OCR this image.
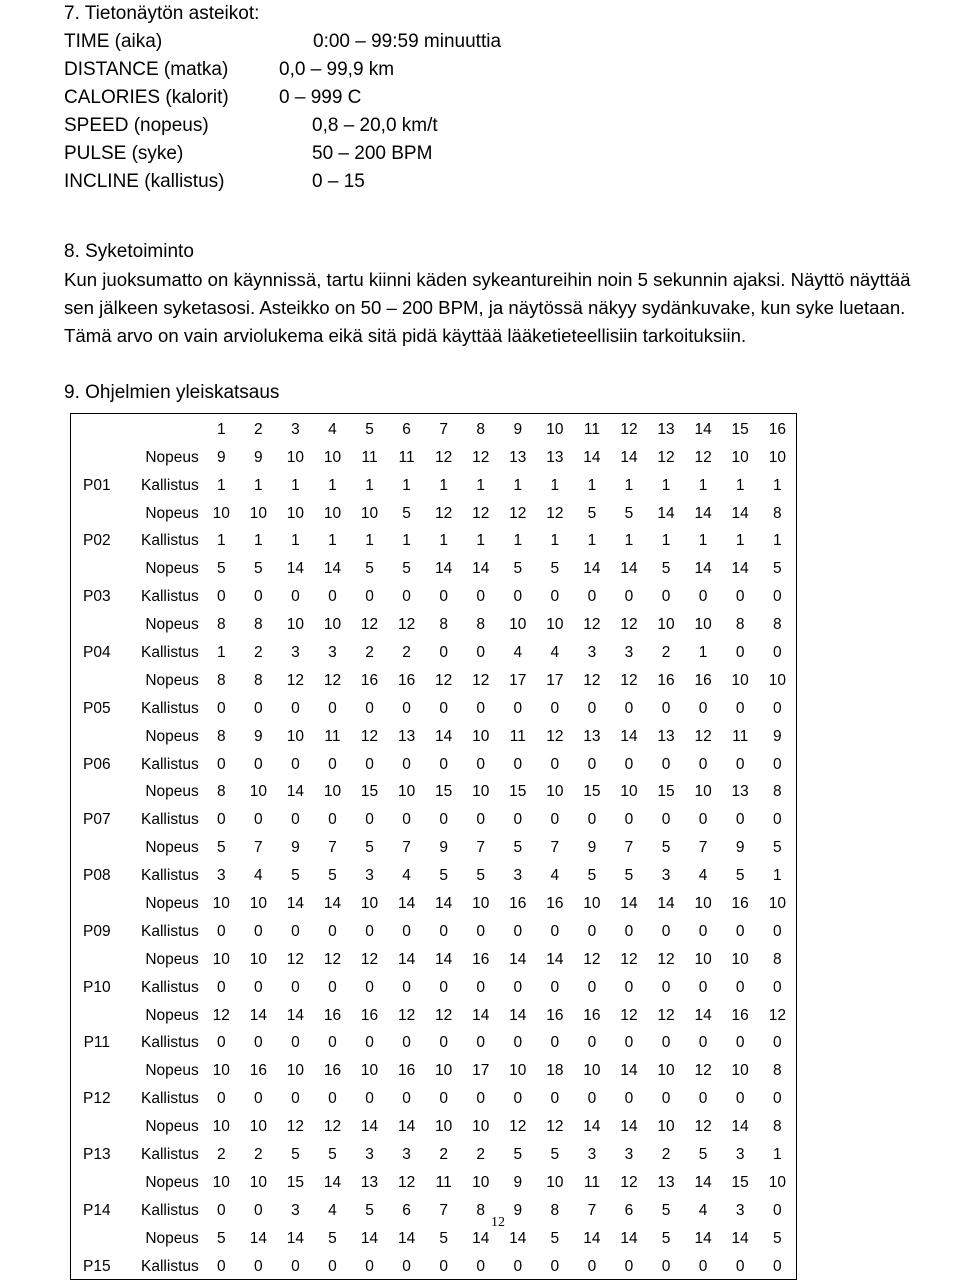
7. Tietonäytön asteikot:
TIME (aika)	0:00 – 99:59 minuuttia
DISTANCE (matka)	0,0 – 99,9 km
CALORIES (kalorit)	0 – 999 C
SPEED (nopeus)	0,8 – 20,0 km/t
PULSE (syke)	50 – 200 BPM
INCLINE (kallistus)	0 – 15
8. Syketoiminto
Kun juoksumatto on käynnissä, tartu kiinni käden sykeantureihin noin 5 sekunnin ajaksi. Näyttö näyttää sen jälkeen syketasosi. Asteikko on 50 – 200 BPM, ja näytössä näkyy sydänkuvake, kun syke luetaan. Tämä arvo on vain arviolukema eikä sitä pidä käyttää lääketieteellisiin tarkoituksiin.
9. Ohjelmien yleiskatsaus
		1	2	3	4	5	6	7	8	9	10	11	12	13	14	15	16
	Nopeus	9	9	10	10	11	11	12	12	13	13	14	14	12	12	10	10
P01	Kallistus	1	1	1	1	1	1	1	1	1	1	1	1	1	1	1	1
	Nopeus	10	10	10	10	10	5	12	12	12	12	5	5	14	14	14	8
P02	Kallistus	1	1	1	1	1	1	1	1	1	1	1	1	1	1	1	1
	Nopeus	5	5	14	14	5	5	14	14	5	5	14	14	5	14	14	5
P03	Kallistus	0	0	0	0	0	0	0	0	0	0	0	0	0	0	0	0
	Nopeus	8	8	10	10	12	12	8	8	10	10	12	12	10	10	8	8
P04	Kallistus	1	2	3	3	2	2	0	0	4	4	3	3	2	1	0	0
	Nopeus	8	8	12	12	16	16	12	12	17	17	12	12	16	16	10	10
P05	Kallistus	0	0	0	0	0	0	0	0	0	0	0	0	0	0	0	0
	Nopeus	8	9	10	11	12	13	14	10	11	12	13	14	13	12	11	9
P06	Kallistus	0	0	0	0	0	0	0	0	0	0	0	0	0	0	0	0
	Nopeus	8	10	14	10	15	10	15	10	15	10	15	10	15	10	13	8
P07	Kallistus	0	0	0	0	0	0	0	0	0	0	0	0	0	0	0	0
	Nopeus	5	7	9	7	5	7	9	7	5	7	9	7	5	7	9	5
P08	Kallistus	3	4	5	5	3	4	5	5	3	4	5	5	3	4	5	1
	Nopeus	10	10	14	14	10	14	14	10	16	16	10	14	14	10	16	10
P09	Kallistus	0	0	0	0	0	0	0	0	0	0	0	0	0	0	0	0
	Nopeus	10	10	12	12	12	14	14	16	14	14	12	12	12	10	10	8
P10	Kallistus	0	0	0	0	0	0	0	0	0	0	0	0	0	0	0	0
	Nopeus	12	14	14	16	16	12	12	14	14	16	16	12	12	14	16	12
P11	Kallistus	0	0	0	0	0	0	0	0	0	0	0	0	0	0	0	0
	Nopeus	10	16	10	16	10	16	10	17	10	18	10	14	10	12	10	8
P12	Kallistus	0	0	0	0	0	0	0	0	0	0	0	0	0	0	0	0
	Nopeus	10	10	12	12	14	14	10	10	12	12	14	14	10	12	14	8
P13	Kallistus	2	2	5	5	3	3	2	2	5	5	3	3	2	5	3	1
	Nopeus	10	10	15	14	13	12	11	10	9	10	11	12	13	14	15	10
P14	Kallistus	0	0	3	4	5	6	7	8	9	8	7	6	5	4	3	0
	Nopeus	5	14	14	5	14	14	5	14	14	5	14	14	5	14	14	5
P15	Kallistus	0	0	0	0	0	0	0	0	0	0	0	0	0	0	0	0
12
